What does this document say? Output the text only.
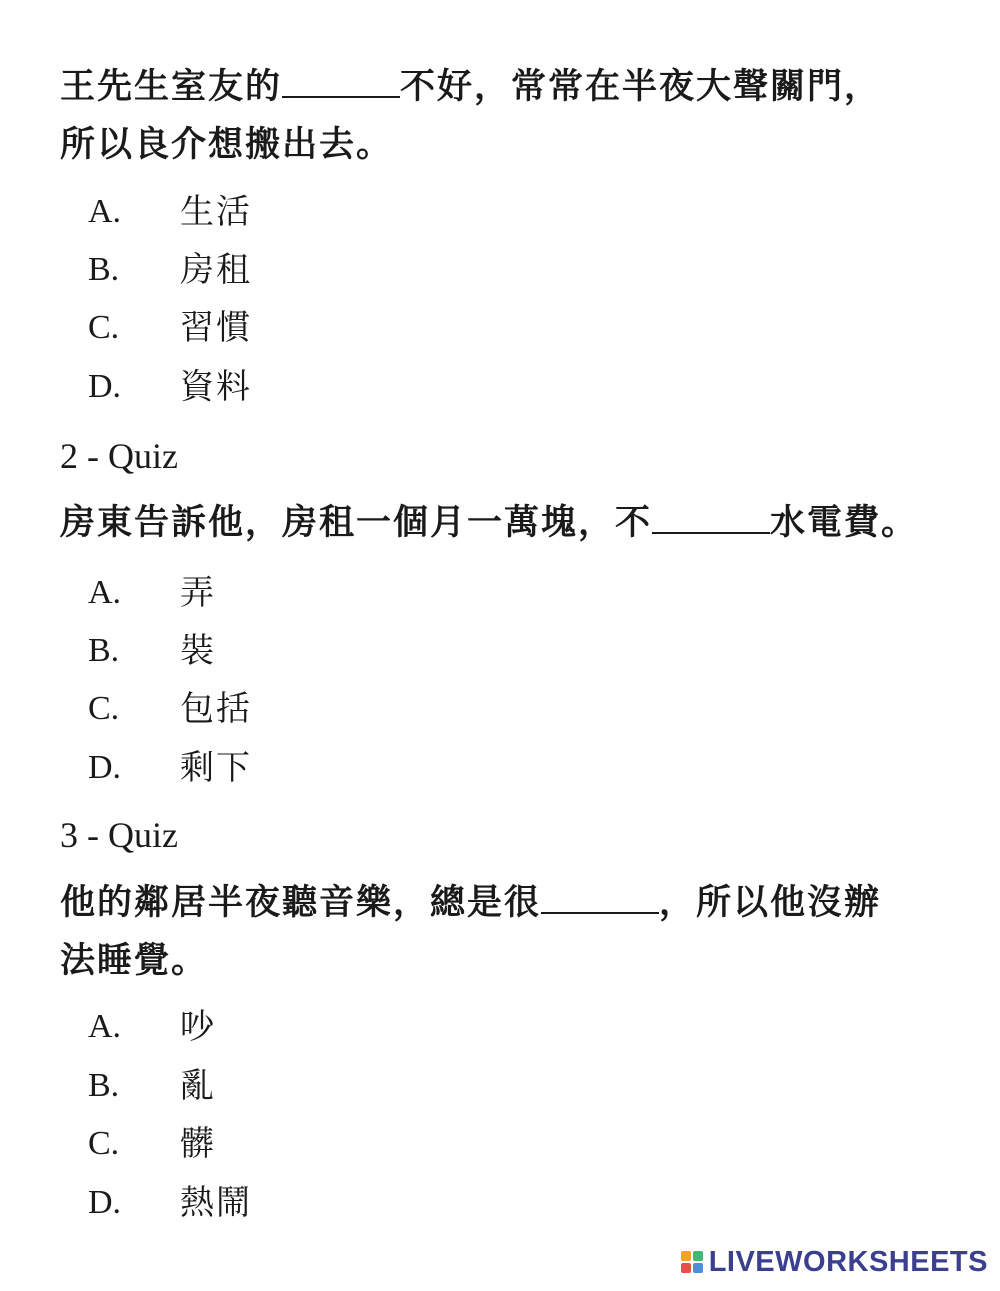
王先生室友的	不好，常常在半夜大聲關門，
所以良介想搬出去。
A.	生活
B.	房租
C.	習慣
D.	資料
2 - Quiz
房東告訴他，房租一個月一萬塊，不	水電費。
A.	弄
B.	裝
C.	包括
D.	剩下
3 - Quiz
他的鄰居半夜聽音樂，總是很	，所以他沒辦
法睡覺。
A.	吵
B.	亂
C.	髒
D.	熱鬧
LIVEWORKSHEETS
